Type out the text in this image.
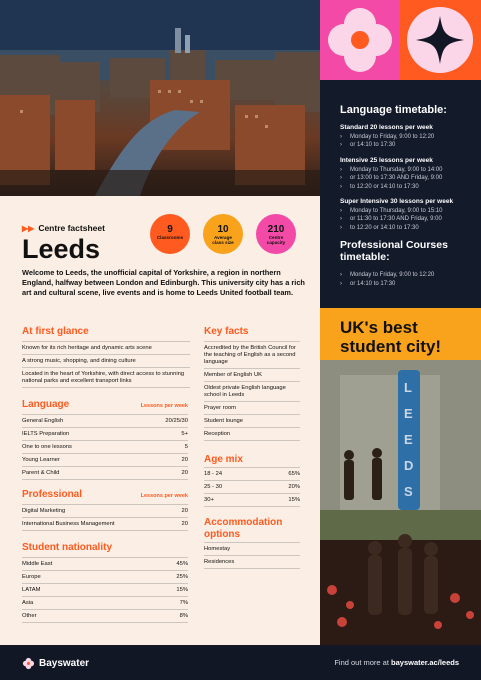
Language timetable:
Standard 20 lessons per week
› Monday to Friday, 9:00 to 12:20
› or 14:10 to 17:30
Intensive 25 lessons per week
› Monday to Thursday, 9:00 to 14:00
› or 13:00 to 17:30 AND Friday, 9:00
› to 12:20 or 14:10 to 17:30
Super Intensive 30 lessons per week
› Monday to Thursday, 9:00 to 15:10
› or 11:30 to 17:30 AND Friday, 9:00
› to 12:20 or 14:10 to 17:30
Professional Courses timetable:
› Monday to Friday, 9:00 to 12:20
› or 14:10 to 17:30
UK's best
student city!
L
E
E
D
S
▶▶ Centre factsheet
Leeds
9
Classrooms
10
Average class size
210
Centre capacity

Welcome to Leeds, the unofficial capital of Yorkshire, a region in northern England, halfway between London and Edinburgh. This university city has a rich art and cultural scene, live events and is home to Leeds United football team.

At first glance
Known for its rich heritage and dynamic arts scene
A strong music, shopping, and dining culture
Located in the heart of Yorkshire, with direct access to stunning national parks and excellent transport links
Key facts
Accredited by the British Council for the teaching of English as a second language
Member of English UK
Oldest private English language school in Leeds
Prayer room
Student lounge
Reception
Language	Lessons per week
General English	20/25/30
IELTS Preparation	5+
One to one lessons	5
Young Learner	20
Parent & Child	20
Age mix
18 - 24	65%
25 - 30	20%
30+	15%
Professional	Lessons per week
Digital Marketing	20
International Business Management	20 Accommodation options
Homestay
Residences
Student nationality
Middle East	45%
Europe	25%
LATAM	15%
Asia	7%
Other	8%
Bayswater	Find out more at bayswater.ac/leeds
